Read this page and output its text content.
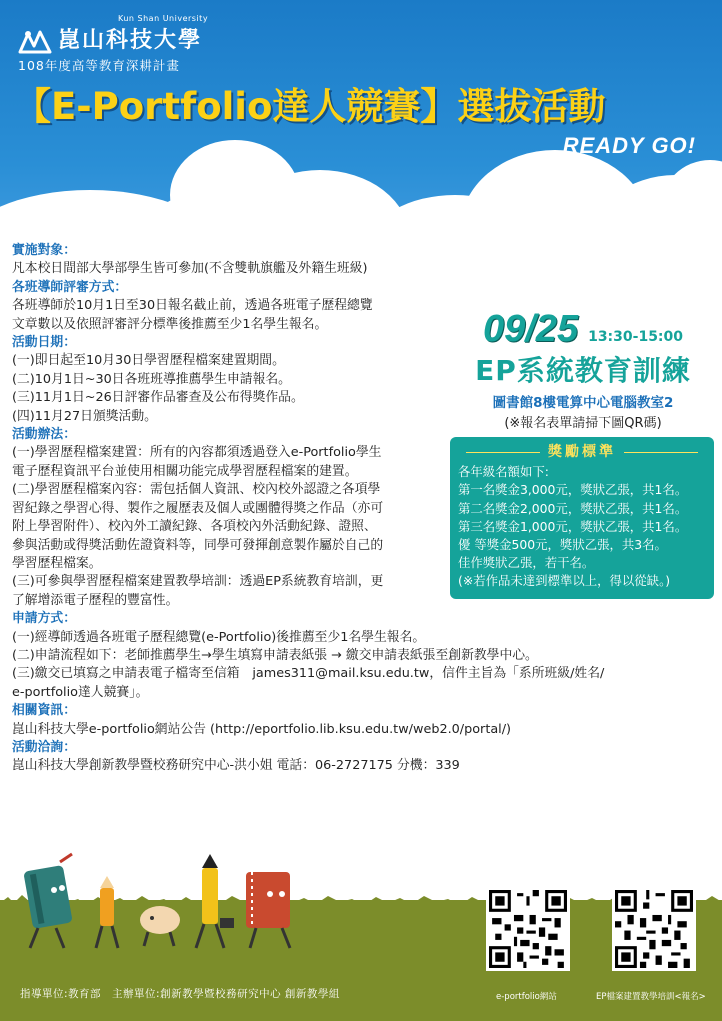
Kun Shan University
崑山科技大學
108年度高等教育深耕計畫
【E-Portfolio達人競賽】選拔活動
READY GO!
實施對象：
凡本校日間部大學部學生皆可參加(不含雙軌旗艦及外籍生班級)
各班導師評審方式：
各班導師於10月1日至30日報名截止前，透過各班電子歷程總覽
文章數以及依照評審評分標準後推薦至少1名學生報名。
活動日期：
(一)即日起至10月30日學習歷程檔案建置期間。
(二)10月1日~30日各班班導推薦學生申請報名。
(三)11月1日~26日評審作品審查及公布得獎作品。
(四)11月27日頒獎活動。
活動辦法：
(一)學習歷程檔案建置：所有的內容都須透過登入e-Portfolio學生
電子歷程資訊平台並使用相關功能完成學習歷程檔案的建置。
(二)學習歷程檔案內容：需包括個人資訊、校內校外認證之各項學
習紀錄之學習心得、製作之履歷表及個人或團體得獎之作品（亦可
附上學習附件）、校內外工讀紀錄、各項校內外活動紀錄、證照、
參與活動或得獎活動佐證資料等，同學可發揮創意製作屬於自己的
學習歷程檔案。
(三)可參與學習歷程檔案建置教學培訓：透過EP系統教育培訓，更
了解增添電子歷程的豐富性。
申請方式：
(一)經導師透過各班電子歷程總覽(e-Portfolio)後推薦至少1名學生報名。
(二)申請流程如下：老師推薦學生→學生填寫申請表紙張 → 繳交申請表紙張至創新教學中心。
(三)繳交已填寫之申請表電子檔寄至信箱　james311@mail.ksu.edu.tw，信件主旨為「系所班級/姓名/
e-portfolio達人競賽」。
相關資訊：
崑山科技大學e-portfolio網站公告 (http://eportfolio.lib.ksu.edu.tw/web2.0/portal/)
活動洽詢：
崑山科技大學創新教學暨校務研究中心-洪小姐 電話：06-2727175 分機：339
09/25 13:30-15:00
EP系統教育訓練
圖書館8樓電算中心電腦教室2
(※報名表單請掃下圖QR碼)
獎勵標準
各年級名額如下:
第一名獎金3,000元，獎狀乙張，共1名。
第二名獎金2,000元，獎狀乙張，共1名。
第三名獎金1,000元，獎狀乙張，共1名。
優 等獎金500元，獎狀乙張，共3名。
佳作獎狀乙張，若干名。
(※若作品未達到標準以上，得以從缺。)
e-portfolio網站	EP檔案建置教學培訓<報名>
指導單位:教育部　主辦單位:創新教學暨校務研究中心 創新教學組
